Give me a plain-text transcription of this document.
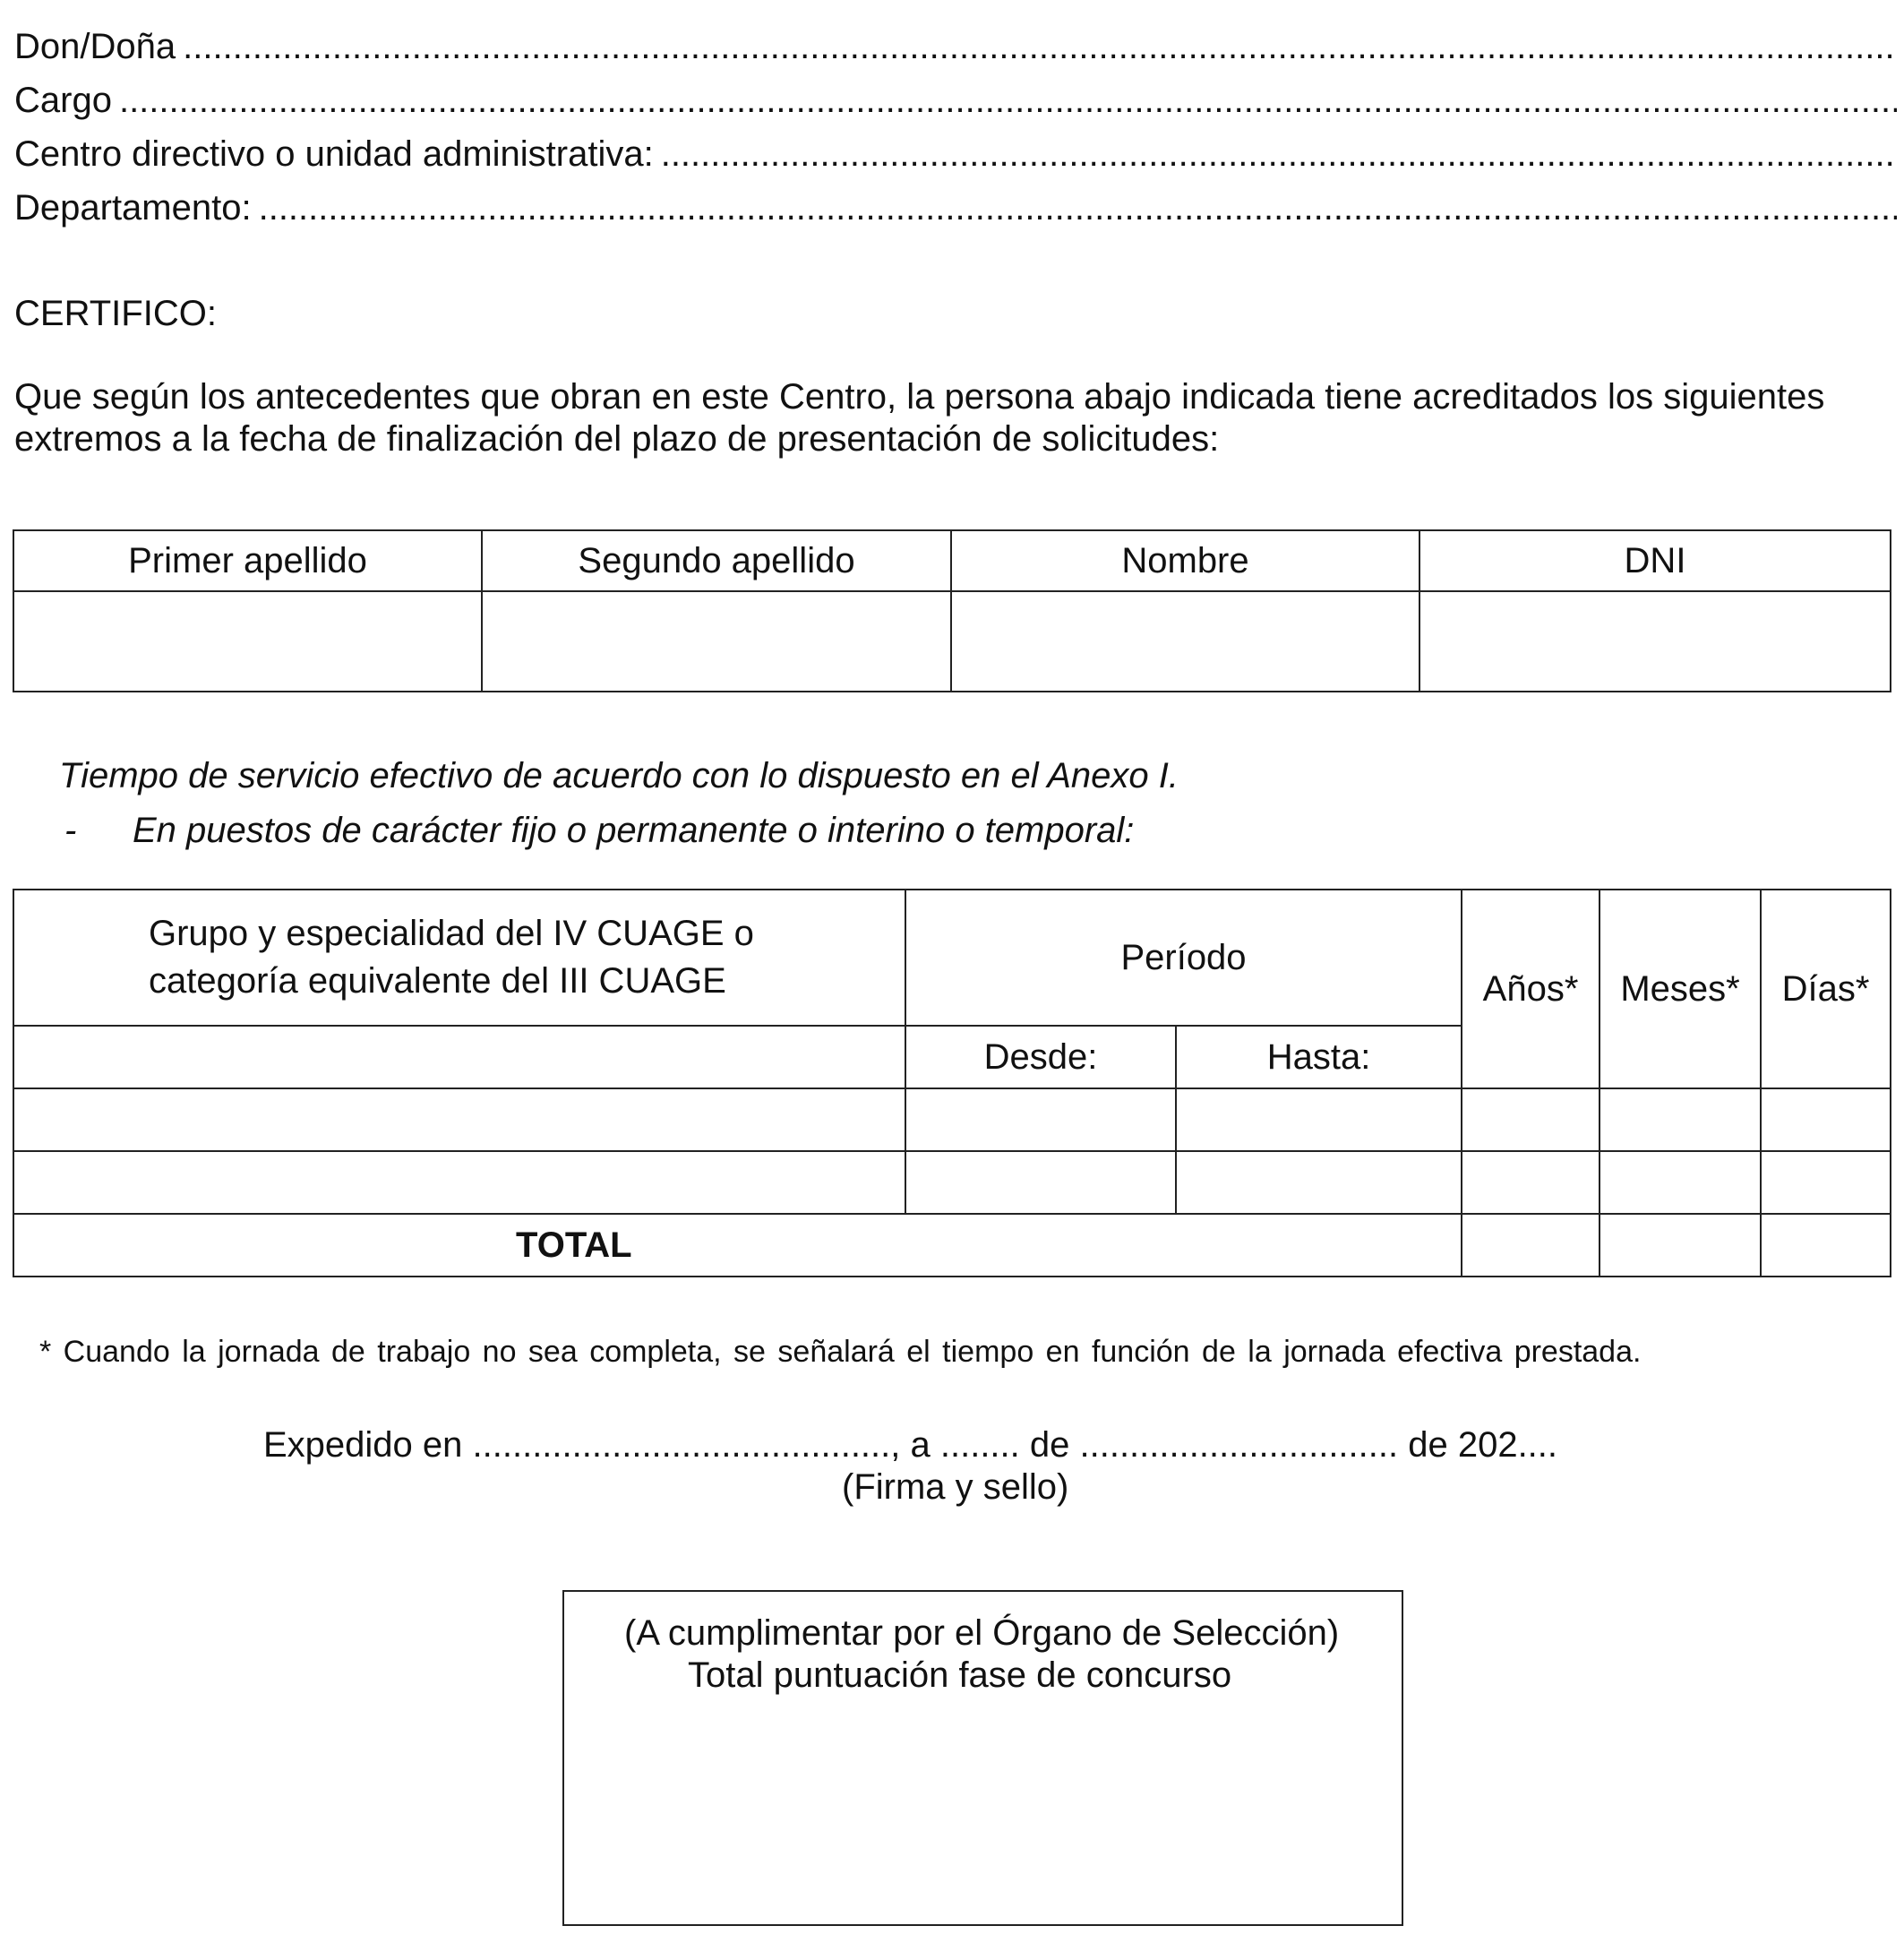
Don/Doña
.....
Cargo
.....
Centro directivo o unidad administrativa:
.....
Departamento:
.....
CERTIFICO:
Que según los antecedentes que obran en este Centro, la persona abajo indicada tiene acreditados los siguientes
extremos a la fecha de finalización del plazo de presentación de solicitudes:
Primer apellido	Segundo apellido	Nombre	DNI

Tiempo de servicio efectivo de acuerdo con lo dispuesto en el Anexo I.
- En puestos de carácter fijo o permanente o interino o temporal:
Grupo y especialidad del IV CUAGE o
categoría equivalente del III CUAGE	Período		Años*	Meses*	Días*
	Desde:	Hasta:			

TOTAL					
* Cuando la jornada de trabajo no sea completa, se señalará el tiempo en función de la jornada efectiva prestada.
Expedido en .........................................., a ........ de ................................ de 202....
(Firma y sello)
(A cumplimentar por el Órgano de Selección)
Total puntuación fase de concurso
